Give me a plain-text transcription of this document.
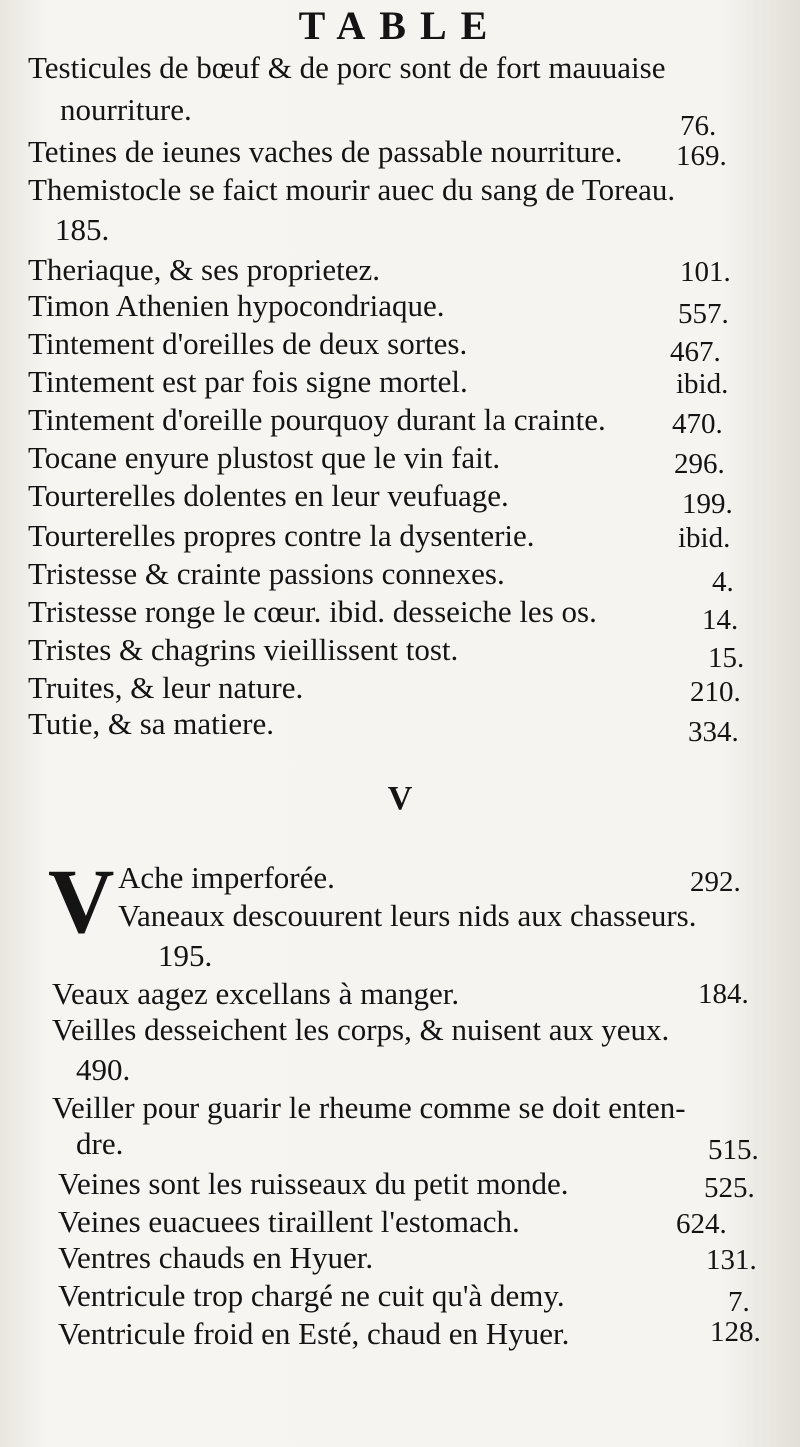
TABLE
Testicules de bœuf & de porc sont de fort mauuaise
nourriture.	76.
Tetines de ieunes vaches de passable nourriture. 169.
Themistocle se faict mourir auec du sang de Toreau.
185.
Theriaque, & ses proprietez.	101.
Timon Athenien hypocondriaque.	557.
Tintement d'oreilles de deux sortes.	467.
Tintement est par fois signe mortel.	ibid.
Tintement d'oreille pourquoy durant la crainte. 470.
Tocane enyure plustost que le vin fait.	296.
Tourterelles dolentes en leur veufuage.	199.
Tourterelles propres contre la dysenterie.	ibid.
Tristesse & crainte passions connexes.	4.
Tristesse ronge le cœur. ibid. desseiche les os.	14.
Tristes & chagrins vieillissent tost.	15.
Truites, & leur nature.	210.
Tutie, & sa matiere.	334.
V
V Ache imperforée.	292.
Vaneaux descouurent leurs nids aux chasseurs.
195.
Veaux aagez excellans à manger.	184.
Veilles desseichent les corps, & nuisent aux yeux.
490.
Veiller pour guarir le rheume comme se doit enten-
dre.	515.
Veines sont les ruisseaux du petit monde.	525.
Veines euacuees tiraillent l'estomach.	624.
Ventres chauds en Hyuer.	131.
Ventricule trop chargé ne cuit qu'à demy.	7.
Ventricule froid en Esté, chaud en Hyuer.	128.
